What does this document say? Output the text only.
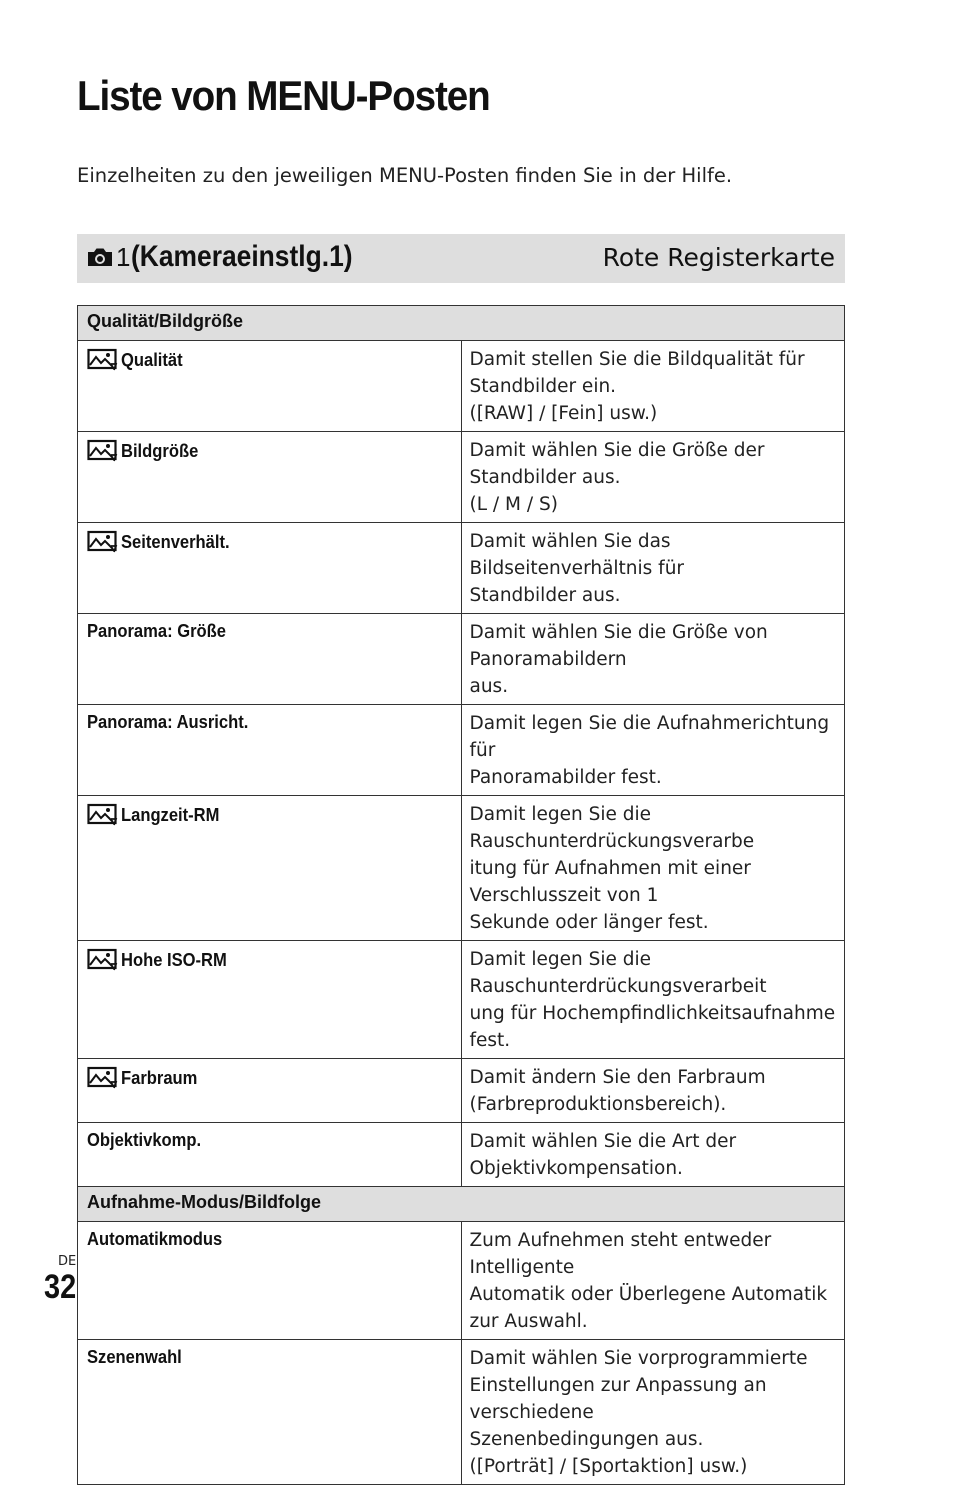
Liste von MENU-Posten

Einzelheiten zu den jeweiligen MENU-Posten finden Sie in der Hilfe.

1 (Kameraeinstlg.1)	Rote Registerkarte
Qualität/Bildgröße	

Qualität	Damit stellen Sie die Bildqualität für Standbilder ein.
([RAW] / [Fein] usw.)

Bildgröße	Damit wählen Sie die Größe der Standbilder aus.
(L / M / S)

Seitenverhält.	Damit wählen Sie das Bildseitenverhältnis für
Standbilder aus.

Panorama: Größe	Damit wählen Sie die Größe von Panoramabildern
aus.

Panorama: Ausricht.	Damit legen Sie die Aufnahmerichtung für
Panoramabilder fest.

Langzeit-RM	Damit legen Sie die Rauschunterdrückungsverarbe
itung für Aufnahmen mit einer Verschlusszeit von 1
Sekunde oder länger fest.

Hohe ISO-RM	Damit legen Sie die Rauschunterdrückungsverarbeit
ung für Hochempfindlichkeitsaufnahme fest.

Farbraum	Damit ändern Sie den Farbraum
(Farbreproduktionsbereich).

Objektivkomp.	Damit wählen Sie die Art der Objektivkompensation.

Aufnahme-Modus/Bildfolge	

Automatikmodus	Zum Aufnehmen steht entweder Intelligente
Automatik oder Überlegene Automatik zur Auswahl.

Szenenwahl	Damit wählen Sie vorprogrammierte
Einstellungen zur Anpassung an verschiedene
Szenenbedingungen aus.
([Porträt] / [Sportaktion] usw.)
DE
32
